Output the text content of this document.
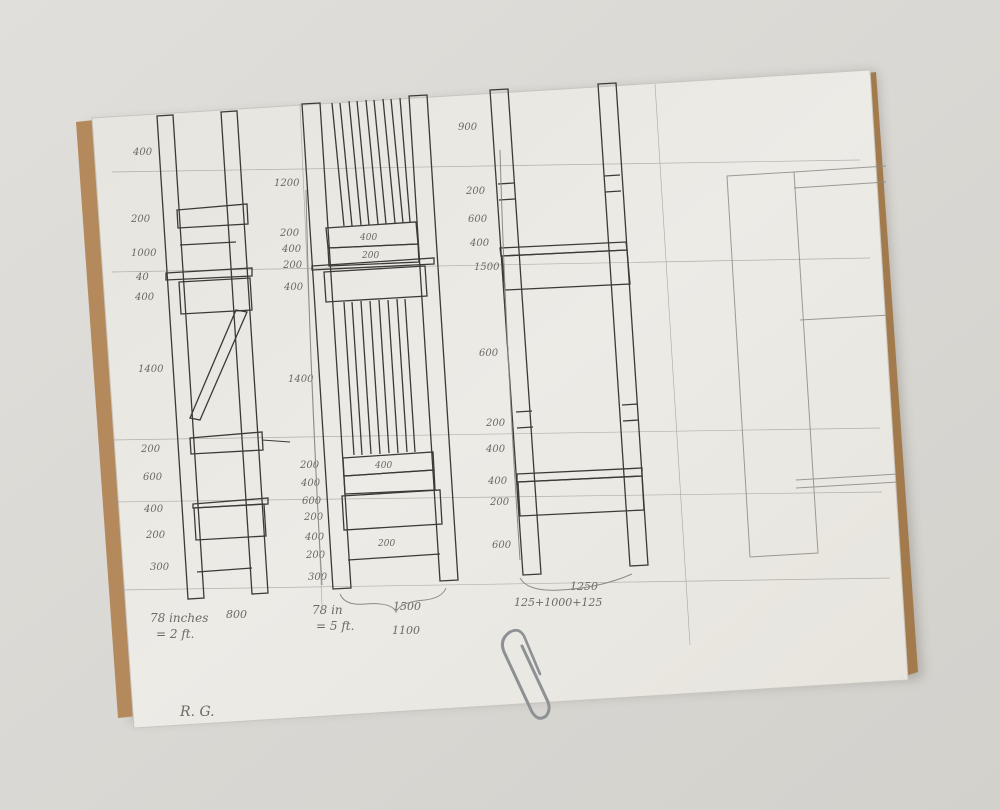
400
200
1000
40
400
1400
200
600
400
200
300
78 inches
= 2 ft.
800
1200
200
400
200
400
1400
200
400
600
200
400
200
300
400
200
400
200
78 in
= 5 ft.
1500
1100
900
200
600
400
1500
600
200
400
400
200
600
1250
125+1000+125
R. G.
